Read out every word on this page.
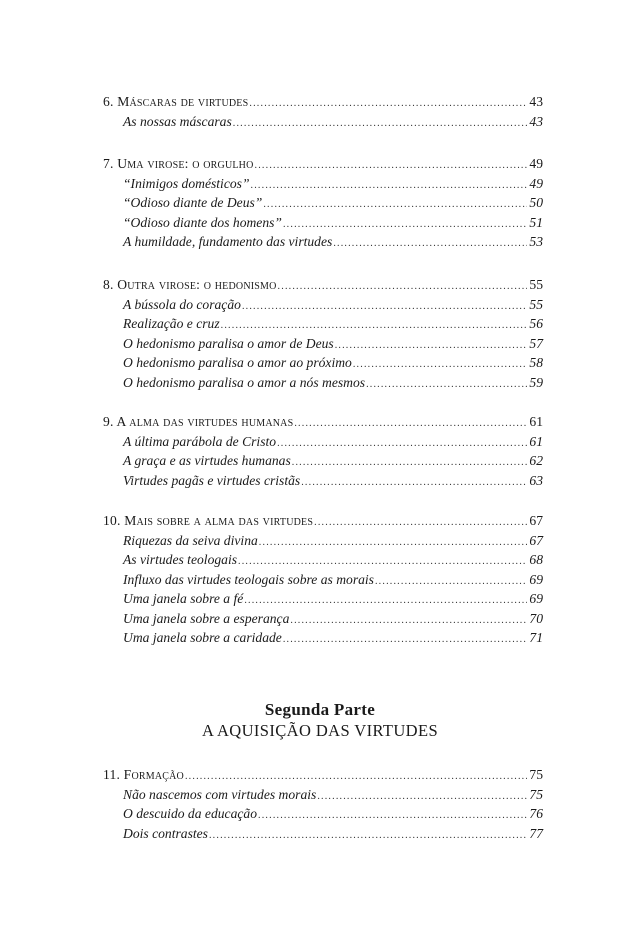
6. Máscaras de virtudes .....	43
As nossas máscaras .....	43
7. Uma virose: o orgulho .....	49
“Inimigos domésticos” .....	49
“Odioso diante de Deus” .....	50
“Odioso diante dos homens” .....	51
A humildade, fundamento das virtudes .....	53
8. Outra virose: o hedonismo .....	55
A bússola do coração .....	55
Realização e cruz .....	56
O hedonismo paralisa o amor de Deus .....	57
O hedonismo paralisa o amor ao próximo .....	58
O hedonismo paralisa o amor a nós mesmos .....	59
9. A alma das virtudes humanas .....	61
A última parábola de Cristo .....	61
A graça e as virtudes humanas .....	62
Virtudes pagãs e virtudes cristãs .....	63
10. Mais sobre a alma das virtudes .....	67
Riquezas da seiva divina .....	67
As virtudes teologais .....	68
Influxo das virtudes teologais sobre as morais .....	69
Uma janela sobre a fé .....	69
Uma janela sobre a esperança .....	70
Uma janela sobre a caridade .....	71
Segunda Parte
A AQUISIÇÃO DAS VIRTUDES
11. Formação .....	75
Não nascemos com virtudes morais .....	75
O descuido da educação .....	76
Dois contrastes .....	77
